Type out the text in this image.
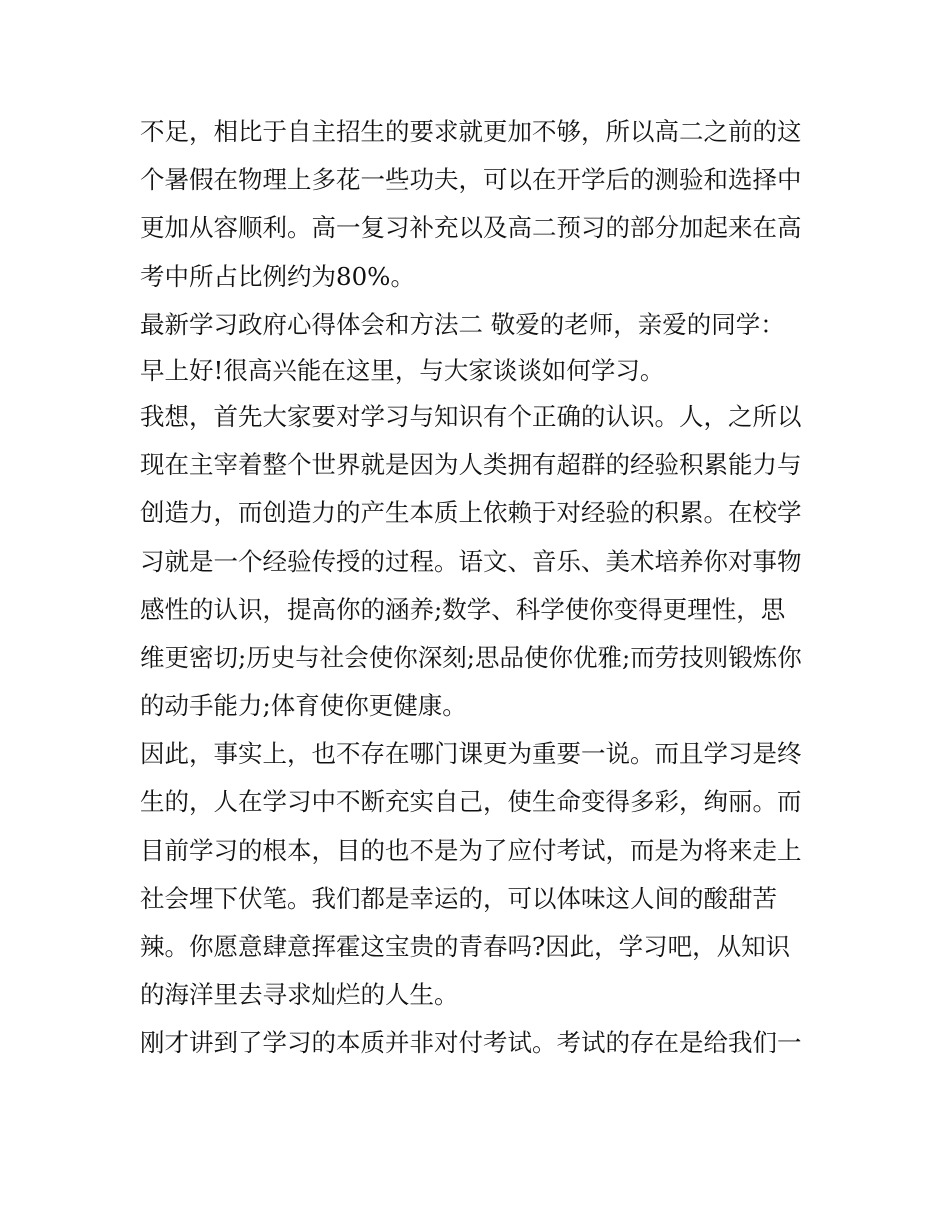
不足，相比于自主招生的要求就更加不够，所以高二之前的这
个暑假在物理上多花一些功夫，可以在开学后的测验和选择中
更加从容顺利。高一复习补充以及高二预习的部分加起来在高
考中所占比例约为80%。
最新学习政府心得体会和方法二 敬爱的老师，亲爱的同学：
早上好!很高兴能在这里，与大家谈谈如何学习。
我想，首先大家要对学习与知识有个正确的认识。人，之所以
现在主宰着整个世界就是因为人类拥有超群的经验积累能力与
创造力，而创造力的产生本质上依赖于对经验的积累。在校学
习就是一个经验传授的过程。语文、音乐、美术培养你对事物
感性的认识，提高你的涵养;数学、科学使你变得更理性，思
维更密切;历史与社会使你深刻;思品使你优雅;而劳技则锻炼你
的动手能力;体育使你更健康。
因此，事实上，也不存在哪门课更为重要一说。而且学习是终
生的，人在学习中不断充实自己，使生命变得多彩，绚丽。而
目前学习的根本，目的也不是为了应付考试，而是为将来走上
社会埋下伏笔。我们都是幸运的，可以体味这人间的酸甜苦
辣。你愿意肆意挥霍这宝贵的青春吗?因此，学习吧，从知识
的海洋里去寻求灿烂的人生。
刚才讲到了学习的本质并非对付考试。考试的存在是给我们一
